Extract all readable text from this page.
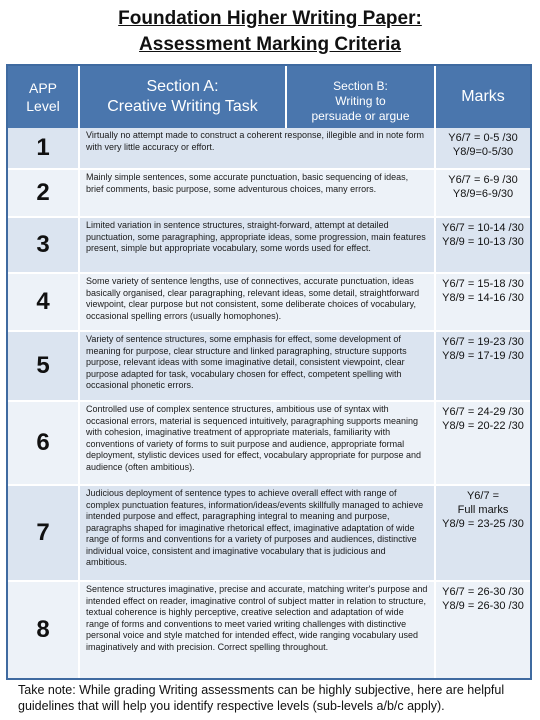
Foundation Higher Writing Paper:
Assessment Marking Criteria
APP
Level
Section A:
Creative Writing Task
Section B:
Writing to
persuade or argue
Marks
1	Virtually no attempt made to construct a coherent response, illegible and in note form with very little accuracy or effort.
Y6/7 = 0-5 /30
Y8/9=0-5/30
2
Mainly simple sentences, some accurate punctuation, basic sequencing of ideas, brief comments, basic purpose, some adventurous choices, many errors.
Y6/7 = 6-9 /30
Y8/9=6-9/30
3
Limited variation in sentence structures, straight-forward, attempt at detailed punctuation, some paragraphing, appropriate ideas, some progression, main features present, simple but appropriate vocabulary, some words used for effect.
Y6/7 = 10-14 /30
Y8/9 = 10-13 /30
4
Some variety of sentence lengths, use of connectives, accurate punctuation, ideas basically organised, clear paragraphing, relevant ideas, some detail, straightforward viewpoint, clear purpose but not consistent, some deliberate choices of vocabulary, occasional spelling errors (usually homophones).
Y6/7 = 15-18 /30
Y8/9 = 14-16 /30
5
Variety of sentence structures, some emphasis for effect, some development of meaning for purpose, clear structure and linked paragraphing, structure supports purpose, relevant ideas with some imaginative detail, consistent viewpoint, clear purpose adapted for task, vocabulary chosen for effect, competent spelling with occasional phonetic errors.
Y6/7 = 19-23 /30
Y8/9 = 17-19 /30
6
Controlled use of complex sentence structures, ambitious use of syntax with occasional errors, material is sequenced intuitively, paragraphing supports meaning with cohesion, imaginative treatment of appropriate materials, familiarity with conventions of variety of forms to suit purpose and audience, appropriate formal deployment, stylistic devices used for effect, vocabulary appropriate for purpose and audience (often ambitious).
Y6/7 = 24-29 /30
Y8/9 = 20-22 /30
7
Judicious deployment of sentence types to achieve overall effect with range of complex punctuation features, information/ideas/events skillfully managed to achieve intended purpose and effect, paragraphing integral to meaning and purpose, paragraphs shaped for imaginative rhetorical effect, imaginative adaptation of wide range of forms and conventions for a variety of purposes and audiences, distinctive individual voice, consistent and imaginative vocabulary that is judicious and ambitious.
Y6/7 =
Full marks
Y8/9 = 23-25 /30
8
Sentence structures imaginative, precise and accurate, matching writer's purpose and intended effect on reader, imaginative control of subject matter in relation to structure, textual coherence is highly perceptive, creative selection and adaptation of wide range of forms and conventions to meet varied writing challenges with distinctive personal voice and style matched for intended effect, wide ranging vocabulary used imaginatively and with precision. Correct spelling throughout.
Y6/7 = 26-30 /30
Y8/9 = 26-30 /30
Take note: While grading Writing assessments can be highly subjective, here are helpful guidelines that will help you identify respective levels (sub-levels a/b/c apply).
